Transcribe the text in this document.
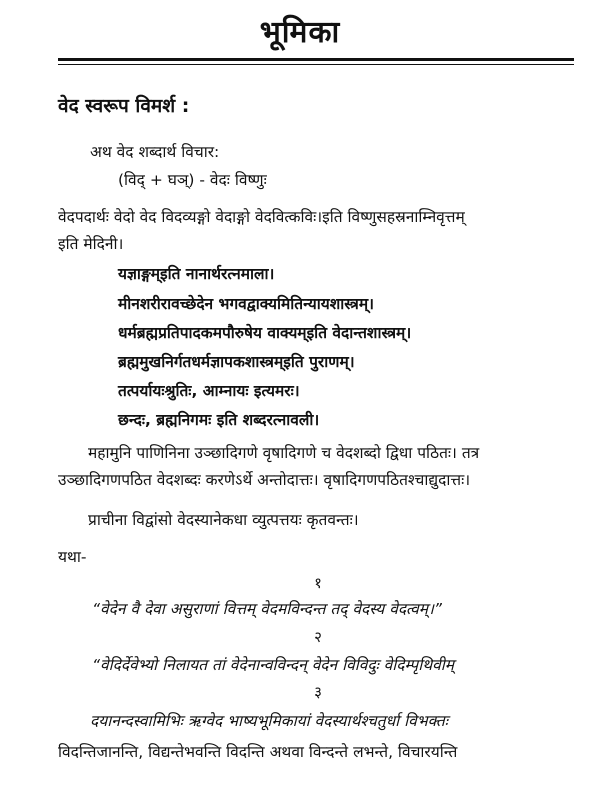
भूमिका
वेद स्वरूप विमर्श :
अथ वेद शब्दार्थ विचार:
(विद् + घञ्) - वेदः विष्णुः
वेदपदार्थः वेदो वेद विदव्यङ्गो वेदाङ्गो वेदवित्कविः।इति विष्णुसहस्रनाम्निवृत्तम्
इति मेदिनी।
यज्ञाङ्गम्इति नानार्थरत्नमाला।
मीनशरीरावच्छेदेन भगवद्वाक्यमितिन्यायशास्त्रम्।
धर्मब्रह्मप्रतिपादकमपौरुषेय वाक्यम्इति वेदान्तशास्त्रम्।
ब्रह्ममुखनिर्गतधर्मज्ञापकशास्त्रम्इति पुराणम्।
तत्पर्यायःश्रुतिः, आम्नायः इत्यमरः।
छन्दः, ब्रह्मनिगमः इति शब्दरत्नावली।
महामुनि पाणिनिना उञ्छादिगणे वृषादिगणे च वेदशब्दो द्विधा पठितः। तत्र
उञ्छादिगणपठित वेदशब्दः करणेऽर्थे अन्तोदात्तः। वृषादिगणपठितश्चाद्युदात्तः।
प्राचीना विद्वांसो वेदस्यानेकधा व्युत्पत्तयः कृतवन्तः।
यथा-
१
“वेदेन वै देवा असुराणां वित्तम् वेदमविन्दन्त तद् वेदस्य वेदत्वम्।”
२
“वेदिर्देवेभ्यो निलायत तां वेदेनान्वविन्दन् वेदेन विविदुः वेदिम्पृथिवीम्
३
दयानन्दस्वामिभिः ऋग्वेद भाष्यभूमिकायां वेदस्यार्थश्चतुर्धा विभक्तः
विदन्तिजानन्ति, विद्यन्तेभवन्ति विदन्ति अथवा विन्दन्ते लभन्ते, विचारयन्ति
